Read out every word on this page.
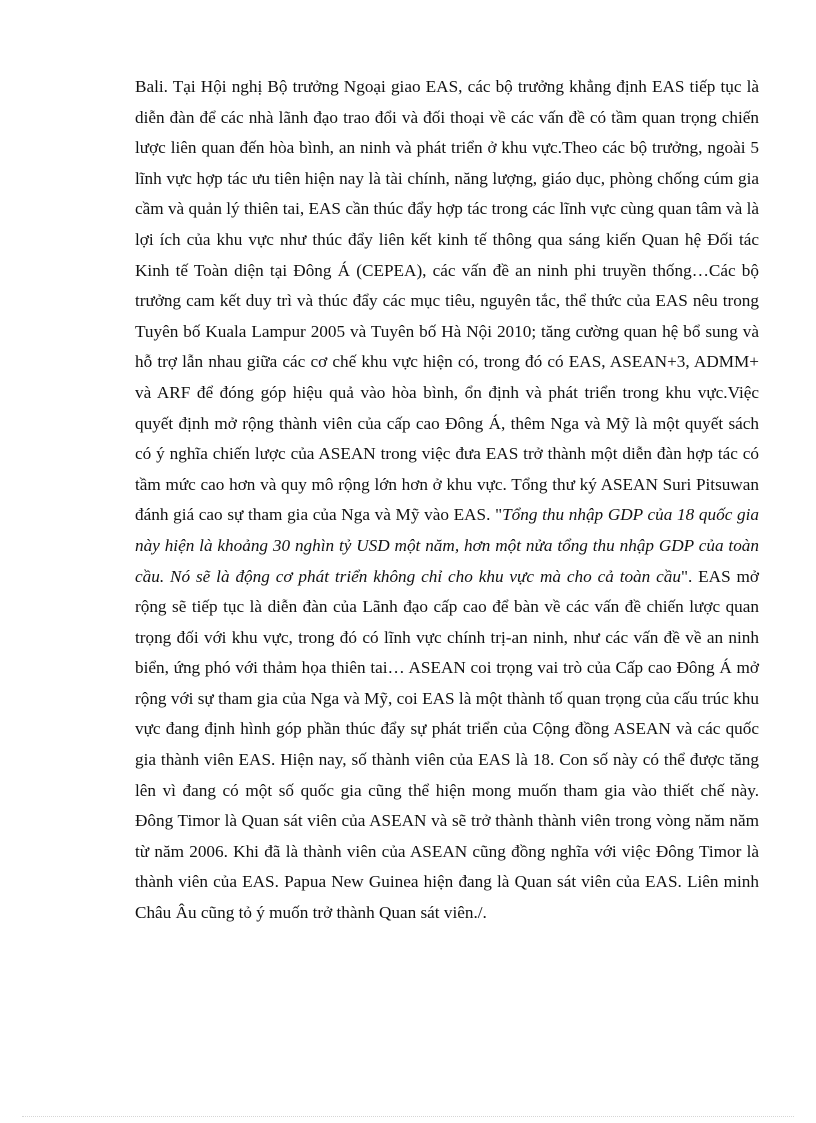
Bali. Tại Hội nghị Bộ trưởng Ngoại giao EAS, các bộ trưởng khẳng định EAS tiếp tục là diễn đàn để các nhà lãnh đạo trao đổi và đối thoại về các vấn đề có tầm quan trọng chiến lược liên quan đến hòa bình, an ninh và phát triển ở khu vực.Theo các bộ trưởng, ngoài 5 lĩnh vực hợp tác ưu tiên hiện nay là tài chính, năng lượng, giáo dục, phòng chống cúm gia cầm và quản lý thiên tai, EAS cần thúc đẩy hợp tác trong các lĩnh vực cùng quan tâm và là lợi ích của khu vực như thúc đẩy liên kết kinh tế thông qua sáng kiến Quan hệ Đối tác Kinh tế Toàn diện tại Đông Á (CEPEA), các vấn đề an ninh phi truyền thống…Các bộ trưởng cam kết duy trì và thúc đẩy các mục tiêu, nguyên tắc, thể thức của EAS nêu trong Tuyên bố Kuala Lampur 2005 và Tuyên bố Hà Nội 2010; tăng cường quan hệ bổ sung và hỗ trợ lẫn nhau giữa các cơ chế khu vực hiện có, trong đó có EAS, ASEAN+3, ADMM+ và ARF để đóng góp hiệu quả vào hòa bình, ổn định và phát triển trong khu vực.Việc quyết định mở rộng thành viên của cấp cao Đông Á, thêm Nga và Mỹ là một quyết sách có ý nghĩa chiến lược của ASEAN trong việc đưa EAS trở thành một diễn đàn hợp tác có tầm mức cao hơn và quy mô rộng lớn hơn ở khu vực. Tổng thư ký ASEAN Suri Pitsuwan đánh giá cao sự tham gia của Nga và Mỹ vào EAS. "Tổng thu nhập GDP của 18 quốc gia này hiện là khoảng 30 nghìn tỷ USD một năm, hơn một nửa tổng thu nhập GDP của toàn cầu. Nó sẽ là động cơ phát triển không chỉ cho khu vực mà cho cả toàn cầu". EAS mở rộng sẽ tiếp tục là diễn đàn của Lãnh đạo cấp cao để bàn về các vấn đề chiến lược quan trọng đối với khu vực, trong đó có lĩnh vực chính trị-an ninh, như các vấn đề về an ninh biển, ứng phó với thảm họa thiên tai… ASEAN coi trọng vai trò của Cấp cao Đông Á mở rộng với sự tham gia của Nga và Mỹ, coi EAS là một thành tố quan trọng của cấu trúc khu vực đang định hình góp phần thúc đẩy sự phát triển của Cộng đồng ASEAN và các quốc gia thành viên EAS. Hiện nay, số thành viên của EAS là 18. Con số này có thể được tăng lên vì đang có một số quốc gia cũng thể hiện mong muốn tham gia vào thiết chế này. Đông Timor là Quan sát viên của ASEAN và sẽ trở thành thành viên trong vòng năm năm từ năm 2006. Khi đã là thành viên của ASEAN cũng đồng nghĩa với việc Đông Timor là thành viên của EAS. Papua New Guinea hiện đang là Quan sát viên của EAS. Liên minh Châu Âu cũng tỏ ý muốn trở thành Quan sát viên./.
